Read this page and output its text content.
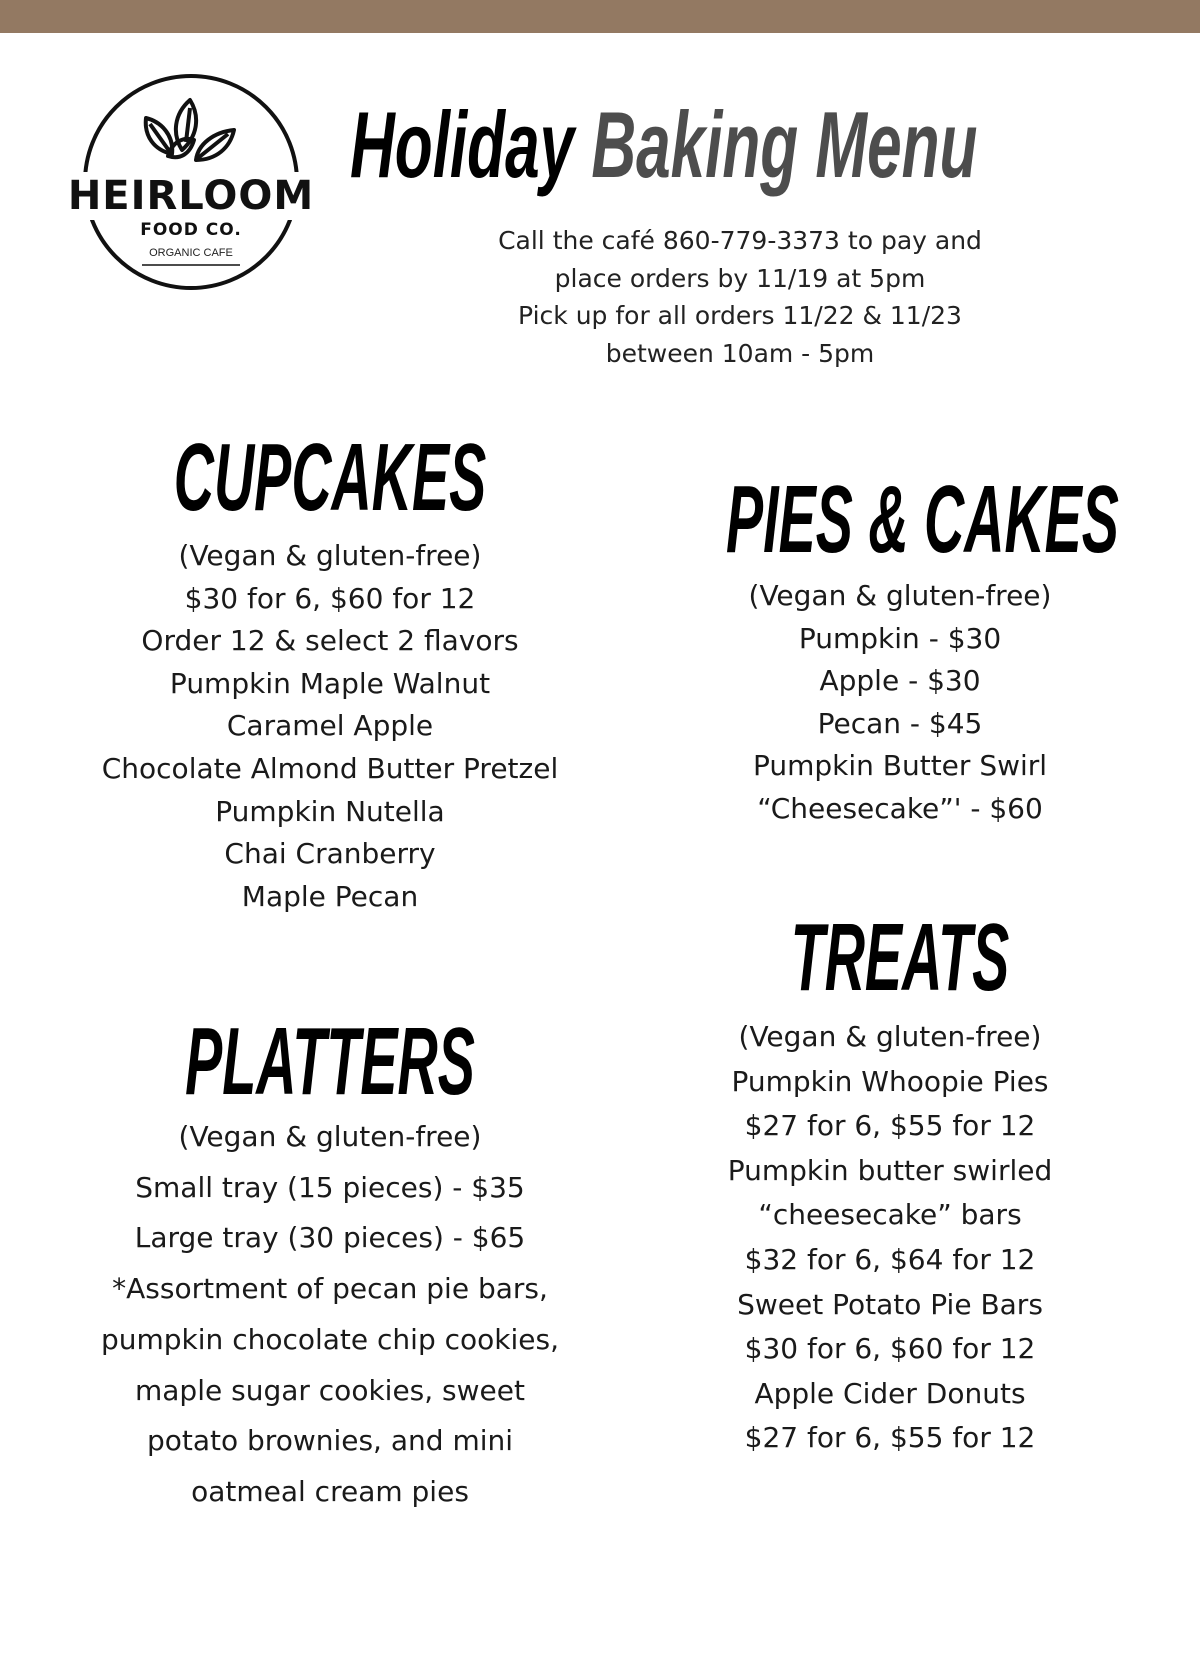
HEIRLOOM
FOOD CO.
ORGANIC CAFE
Holiday Baking Menu
Call the café 860-779-3373 to pay and
place orders by 11/19 at 5pm
Pick up for all orders 11/22 & 11/23
between 10am - 5pm
CUPCAKES
(Vegan & gluten-free)
$30 for 6, $60 for 12
Order 12 & select 2 flavors
Pumpkin Maple Walnut
Caramel Apple
Chocolate Almond Butter Pretzel
Pumpkin Nutella
Chai Cranberry
Maple Pecan
PIES & CAKES
(Vegan & gluten-free)
Pumpkin - $30
Apple - $30
Pecan - $45
Pumpkin Butter Swirl
“Cheesecake”' - $60
TREATS
(Vegan & gluten-free)
Pumpkin Whoopie Pies
$27 for 6, $55 for 12
Pumpkin butter swirled
“cheesecake” bars
$32 for 6, $64 for 12
Sweet Potato Pie Bars
$30 for 6, $60 for 12
Apple Cider Donuts
$27 for 6, $55 for 12
PLATTERS
(Vegan & gluten-free)
Small tray (15 pieces) - $35
Large tray (30 pieces) - $65
*Assortment of pecan pie bars,
pumpkin chocolate chip cookies,
maple sugar cookies, sweet
potato brownies, and mini
oatmeal cream pies
